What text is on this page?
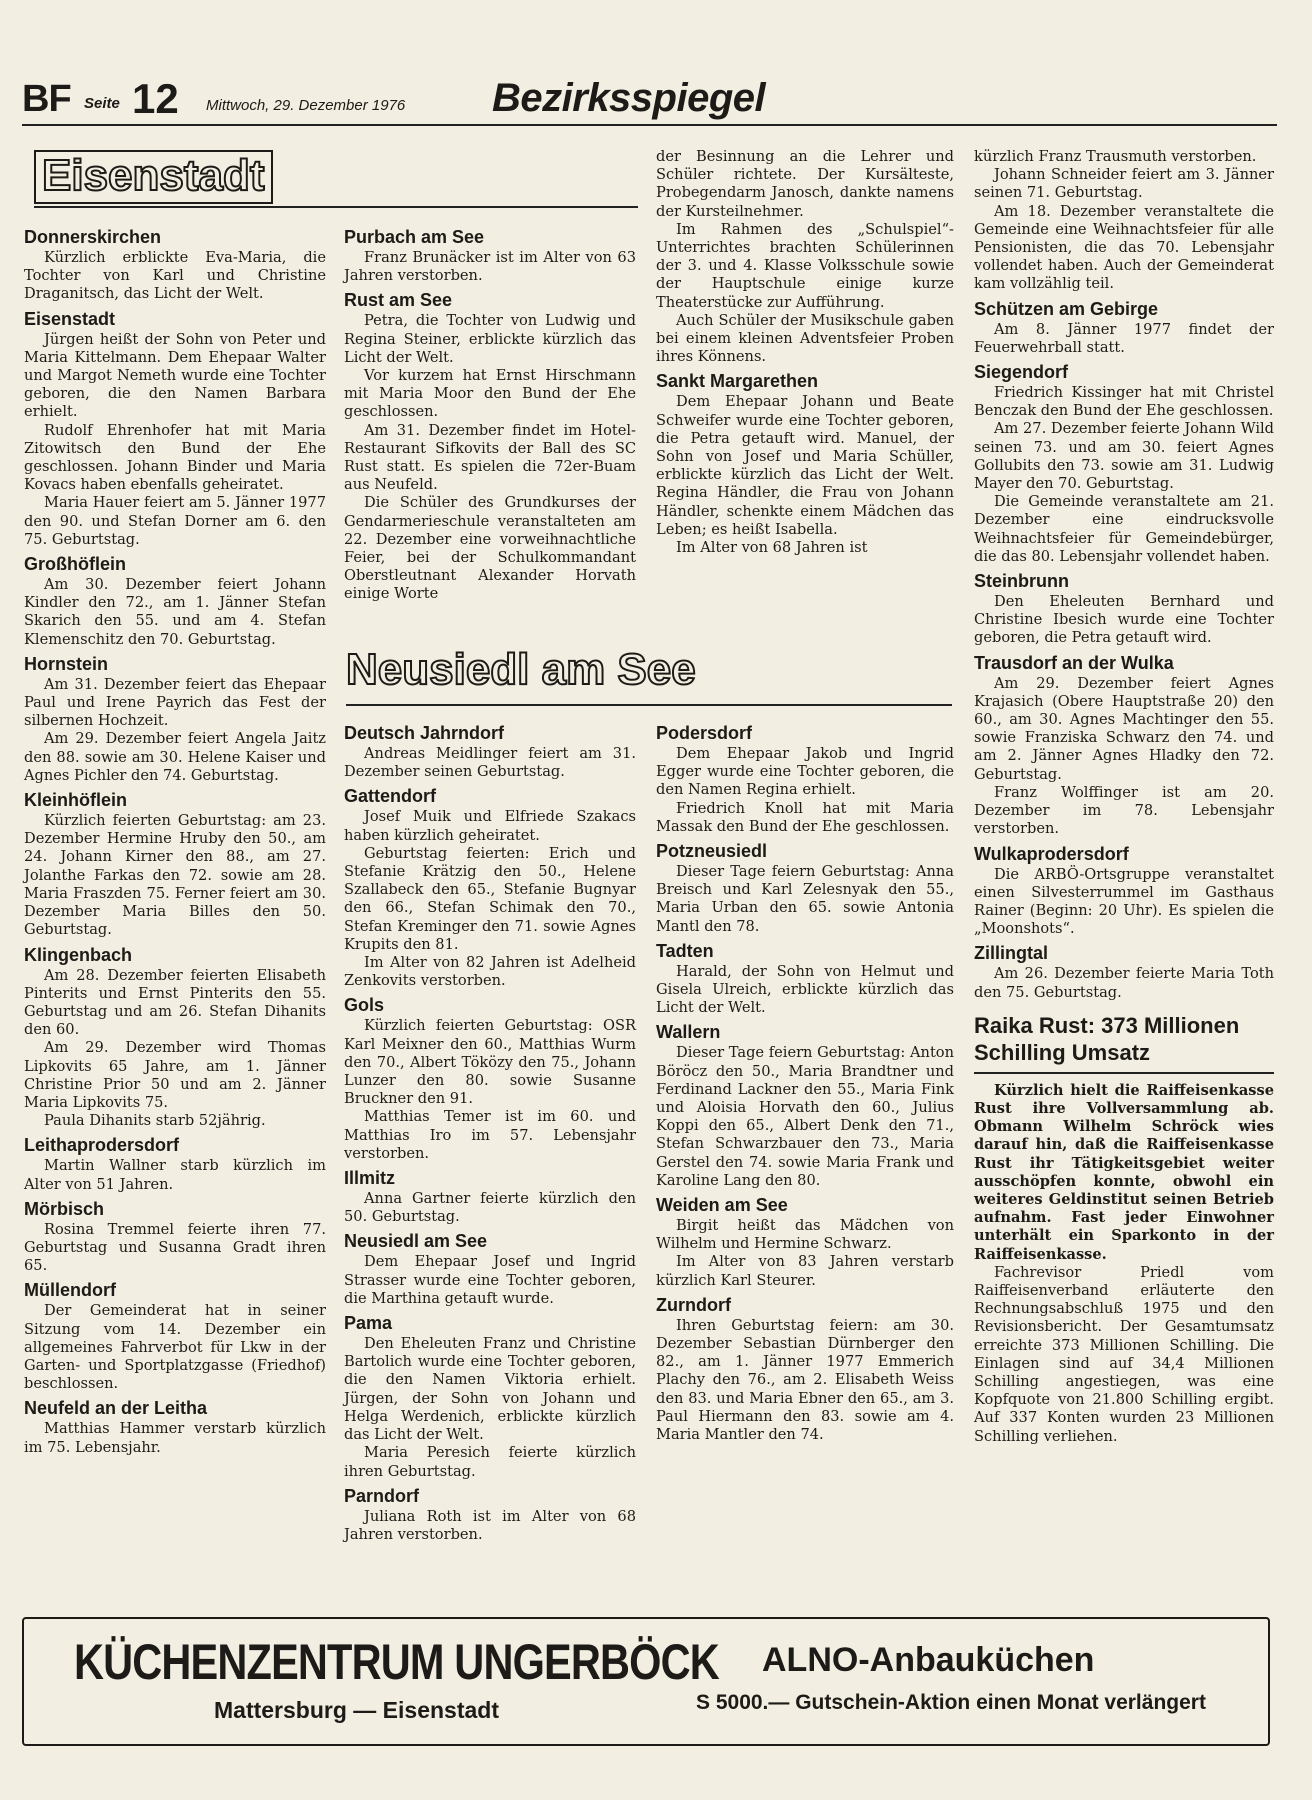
BF Seite 12 Mittwoch, 29. Dezember 1976 Bezirksspiegel
Eisenstadt
Neusiedl am See
Donnerskirchen

Kürzlich erblickte Eva-Maria, die Tochter von Karl und Christine Draganitsch, das Licht der Welt.

Eisenstadt

Jürgen heißt der Sohn von Peter und Maria Kittelmann. Dem Ehepaar Walter und Margot Nemeth wurde eine Tochter geboren, die den Namen Barbara erhielt.

Rudolf Ehrenhofer hat mit Maria Zitowitsch den Bund der Ehe geschlossen. Johann Binder und Maria Kovacs haben ebenfalls geheiratet.

Maria Hauer feiert am 5. Jänner 1977 den 90. und Stefan Dorner am 6. den 75. Geburtstag.

Großhöflein

Am 30. Dezember feiert Johann Kindler den 72., am 1. Jänner Stefan Skarich den 55. und am 4. Stefan Klemenschitz den 70. Geburtstag.

Hornstein

Am 31. Dezember feiert das Ehepaar Paul und Irene Payrich das Fest der silbernen Hochzeit.

Am 29. Dezember feiert Angela Jaitz den 88. sowie am 30. Helene Kaiser und Agnes Pichler den 74. Geburtstag.

Kleinhöflein

Kürzlich feierten Geburtstag: am 23. Dezember Hermine Hruby den 50., am 24. Johann Kirner den 88., am 27. Jolanthe Farkas den 72. sowie am 28. Maria Fraszden 75. Ferner feiert am 30. Dezember Maria Billes den 50. Geburtstag.

Klingenbach

Am 28. Dezember feierten Elisabeth Pinterits und Ernst Pinterits den 55. Geburtstag und am 26. Stefan Dihanits den 60.

Am 29. Dezember wird Thomas Lipkovits 65 Jahre, am 1. Jänner Christine Prior 50 und am 2. Jänner Maria Lipkovits 75.

Paula Dihanits starb 52jährig.

Leithaprodersdorf

Martin Wallner starb kürzlich im Alter von 51 Jahren.

Mörbisch

Rosina Tremmel feierte ihren 77. Geburtstag und Susanna Gradt ihren 65.

Müllendorf

Der Gemeinderat hat in seiner Sitzung vom 14. Dezember ein allgemeines Fahrverbot für Lkw in der Garten- und Sportplatzgasse (Friedhof) beschlossen.

Neufeld an der Leitha

Matthias Hammer verstarb kürzlich im 75. Lebensjahr.

Purbach am See

Franz Brunäcker ist im Alter von 63 Jahren verstorben.

Rust am See

Petra, die Tochter von Ludwig und Regina Steiner, erblickte kürzlich das Licht der Welt.

Vor kurzem hat Ernst Hirschmann mit Maria Moor den Bund der Ehe geschlossen.

Am 31. Dezember findet im Hotel-Restaurant Sifkovits der Ball des SC Rust statt. Es spielen die 72er-Buam aus Neufeld.

Die Schüler des Grundkurses der Gendarmerieschule veranstalteten am 22. Dezember eine vorweihnachtliche Feier, bei der Schulkommandant Oberstleutnant Alexander Horvath einige Worte

der Besinnung an die Lehrer und Schüler richtete. Der Kursälteste, Probegendarm Janosch, dankte namens der Kursteilnehmer.

Im Rahmen des „Schulspiel“-Unterrichtes brachten Schülerinnen der 3. und 4. Klasse Volksschule sowie der Hauptschule einige kurze Theaterstücke zur Aufführung.

Auch Schüler der Musikschule gaben bei einem kleinen Adventsfeier Proben ihres Könnens.

Sankt Margarethen

Dem Ehepaar Johann und Beate Schweifer wurde eine Tochter geboren, die Petra getauft wird. Manuel, der Sohn von Josef und Maria Schüller, erblickte kürzlich das Licht der Welt. Regina Händler, die Frau von Johann Händler, schenkte einem Mädchen das Leben; es heißt Isabella.

Im Alter von 68 Jahren ist

Deutsch Jahrndorf

Andreas Meidlinger feiert am 31. Dezember seinen Geburtstag.

Gattendorf

Josef Muik und Elfriede Szakacs haben kürzlich geheiratet.

Geburtstag feierten: Erich und Stefanie Krätzig den 50., Helene Szallabeck den 65., Stefanie Bugnyar den 66., Stefan Schimak den 70., Stefan Kreminger den 71. sowie Agnes Krupits den 81.

Im Alter von 82 Jahren ist Adelheid Zenkovits verstorben.

Gols

Kürzlich feierten Geburtstag: OSR Karl Meixner den 60., Matthias Wurm den 70., Albert Töközy den 75., Johann Lunzer den 80. sowie Susanne Bruckner den 91.

Matthias Temer ist im 60. und Matthias Iro im 57. Lebensjahr verstorben.

Illmitz

Anna Gartner feierte kürzlich den 50. Geburtstag.

Neusiedl am See

Dem Ehepaar Josef und Ingrid Strasser wurde eine Tochter geboren, die Marthina getauft wurde.

Pama

Den Eheleuten Franz und Christine Bartolich wurde eine Tochter geboren, die den Namen Viktoria erhielt. Jürgen, der Sohn von Johann und Helga Werdenich, erblickte kürzlich das Licht der Welt.

Maria Peresich feierte kürzlich ihren Geburtstag.

Parndorf

Juliana Roth ist im Alter von 68 Jahren verstorben.

Podersdorf

Dem Ehepaar Jakob und Ingrid Egger wurde eine Tochter geboren, die den Namen Regina erhielt.

Friedrich Knoll hat mit Maria Massak den Bund der Ehe geschlossen.

Potzneusiedl

Dieser Tage feiern Geburtstag: Anna Breisch und Karl Zelesnyak den 55., Maria Urban den 65. sowie Antonia Mantl den 78.

Tadten

Harald, der Sohn von Helmut und Gisela Ulreich, erblickte kürzlich das Licht der Welt.

Wallern

Dieser Tage feiern Geburtstag: Anton Böröcz den 50., Maria Brandtner und Ferdinand Lackner den 55., Maria Fink und Aloisia Horvath den 60., Julius Koppi den 65., Albert Denk den 71., Stefan Schwarzbauer den 73., Maria Gerstel den 74. sowie Maria Frank und Karoline Lang den 80.

Weiden am See

Birgit heißt das Mädchen von Wilhelm und Hermine Schwarz.

Im Alter von 83 Jahren verstarb kürzlich Karl Steurer.

Zurndorf

Ihren Geburtstag feiern: am 30. Dezember Sebastian Dürnberger den 82., am 1. Jänner 1977 Emmerich Plachy den 76., am 2. Elisabeth Weiss den 83. und Maria Ebner den 65., am 3. Paul Hiermann den 83. sowie am 4. Maria Mantler den 74.

kürzlich Franz Trausmuth verstorben.

Johann Schneider feiert am 3. Jänner seinen 71. Geburtstag.

Am 18. Dezember veranstaltete die Gemeinde eine Weihnachtsfeier für alle Pensionisten, die das 70. Lebensjahr vollendet haben. Auch der Gemeinderat kam vollzählig teil.

Schützen am Gebirge

Am 8. Jänner 1977 findet der Feuerwehrball statt.

Siegendorf

Friedrich Kissinger hat mit Christel Benczak den Bund der Ehe geschlossen.

Am 27. Dezember feierte Johann Wild seinen 73. und am 30. feiert Agnes Gollubits den 73. sowie am 31. Ludwig Mayer den 70. Geburtstag.

Die Gemeinde veranstaltete am 21. Dezember eine eindrucksvolle Weihnachtsfeier für Gemeindebürger, die das 80. Lebensjahr vollendet haben.

Steinbrunn

Den Eheleuten Bernhard und Christine Ibesich wurde eine Tochter geboren, die Petra getauft wird.

Trausdorf an der Wulka

Am 29. Dezember feiert Agnes Krajasich (Obere Hauptstraße 20) den 60., am 30. Agnes Machtinger den 55. sowie Franziska Schwarz den 74. und am 2. Jänner Agnes Hladky den 72. Geburtstag.

Franz Wolffinger ist am 20. Dezember im 78. Lebensjahr verstorben.

Wulkaprodersdorf

Die ARBÖ-Ortsgruppe veranstaltet einen Silvesterrummel im Gasthaus Rainer (Beginn: 20 Uhr). Es spielen die „Moonshots“.

Zillingtal

Am 26. Dezember feierte Maria Toth den 75. Geburtstag.

Raika Rust: 373 Millionen Schilling Umsatz

Kürzlich hielt die Raiffeisenkasse Rust ihre Vollversammlung ab. Obmann Wilhelm Schröck wies darauf hin, daß die Raiffeisenkasse Rust ihr Tätigkeitsgebiet weiter ausschöpfen konnte, obwohl ein weiteres Geldinstitut seinen Betrieb aufnahm. Fast jeder Einwohner unterhält ein Sparkonto in der Raiffeisenkasse.

Fachrevisor Priedl vom Raiffeisenverband erläuterte den Rechnungsabschluß 1975 und den Revisionsbericht. Der Gesamtumsatz erreichte 373 Millionen Schilling. Die Einlagen sind auf 34,4 Millionen Schilling angestiegen, was eine Kopfquote von 21.800 Schilling ergibt. Auf 337 Konten wurden 23 Millionen Schilling verliehen.

KÜCHENZENTRUM UNGERBÖCK
Mattersburg — Eisenstadt
ALNO-Anbauküchen
S 5000.— Gutschein-Aktion einen Monat verlängert
